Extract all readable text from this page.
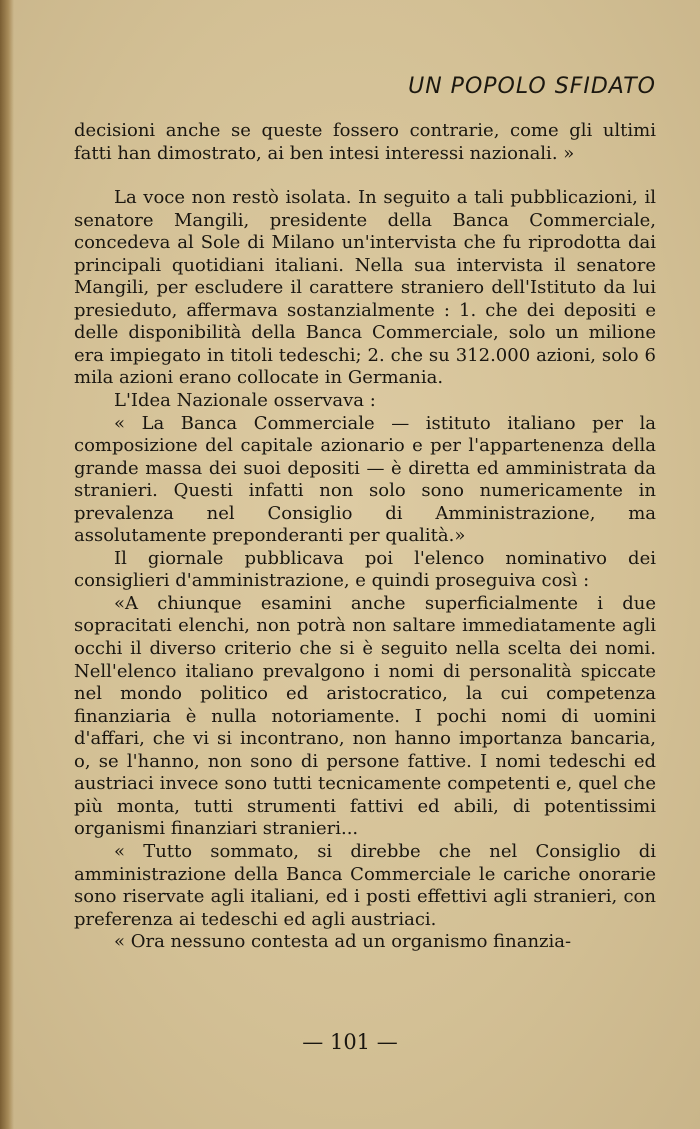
UN POPOLO SFIDATO

decisioni anche se queste fossero contrarie, come gli ultimi fatti han dimostrato, ai ben intesi interessi nazionali. »

La voce non restò isolata. In seguito a tali pubblicazioni, il senatore Mangili, presidente della Banca Commerciale, concedeva al Sole di Milano un'intervista che fu riprodotta dai principali quotidiani italiani. Nella sua intervista il senatore Mangili, per escludere il carattere straniero dell'Istituto da lui presieduto, affermava sostanzialmente : 1. che dei depositi e delle disponibilità della Banca Commerciale, solo un milione era impiegato in titoli tedeschi; 2. che su 312.000 azioni, solo 6 mila azioni erano collocate in Germania.

L'Idea Nazionale osservava :

« La Banca Commerciale — istituto italiano per la composizione del capitale azionario e per l'appartenenza della grande massa dei suoi depositi — è diretta ed amministrata da stranieri. Questi infatti non solo sono numericamente in prevalenza nel Consiglio di Amministrazione, ma assolutamente preponderanti per qualità.»

Il giornale pubblicava poi l'elenco nominativo dei consiglieri d'amministrazione, e quindi proseguiva così :

«A chiunque esamini anche superficialmente i due sopracitati elenchi, non potrà non saltare immediatamente agli occhi il diverso criterio che si è seguito nella scelta dei nomi. Nell'elenco italiano prevalgono i nomi di personalità spiccate nel mondo politico ed aristocratico, la cui competenza finanziaria è nulla notoriamente. I pochi nomi di uomini d'affari, che vi si incontrano, non hanno importanza bancaria, o, se l'hanno, non sono di persone fattive. I nomi tedeschi ed austriaci invece sono tutti tecnicamente competenti e, quel che più monta, tutti strumenti fattivi ed abili, di potentissimi organismi finanziari stranieri...

« Tutto sommato, si direbbe che nel Consiglio di amministrazione della Banca Commerciale le cariche onorarie sono riservate agli italiani, ed i posti effettivi agli stranieri, con preferenza ai tedeschi ed agli austriaci.

« Ora nessuno contesta ad un organismo finanzia-

— 101 —
